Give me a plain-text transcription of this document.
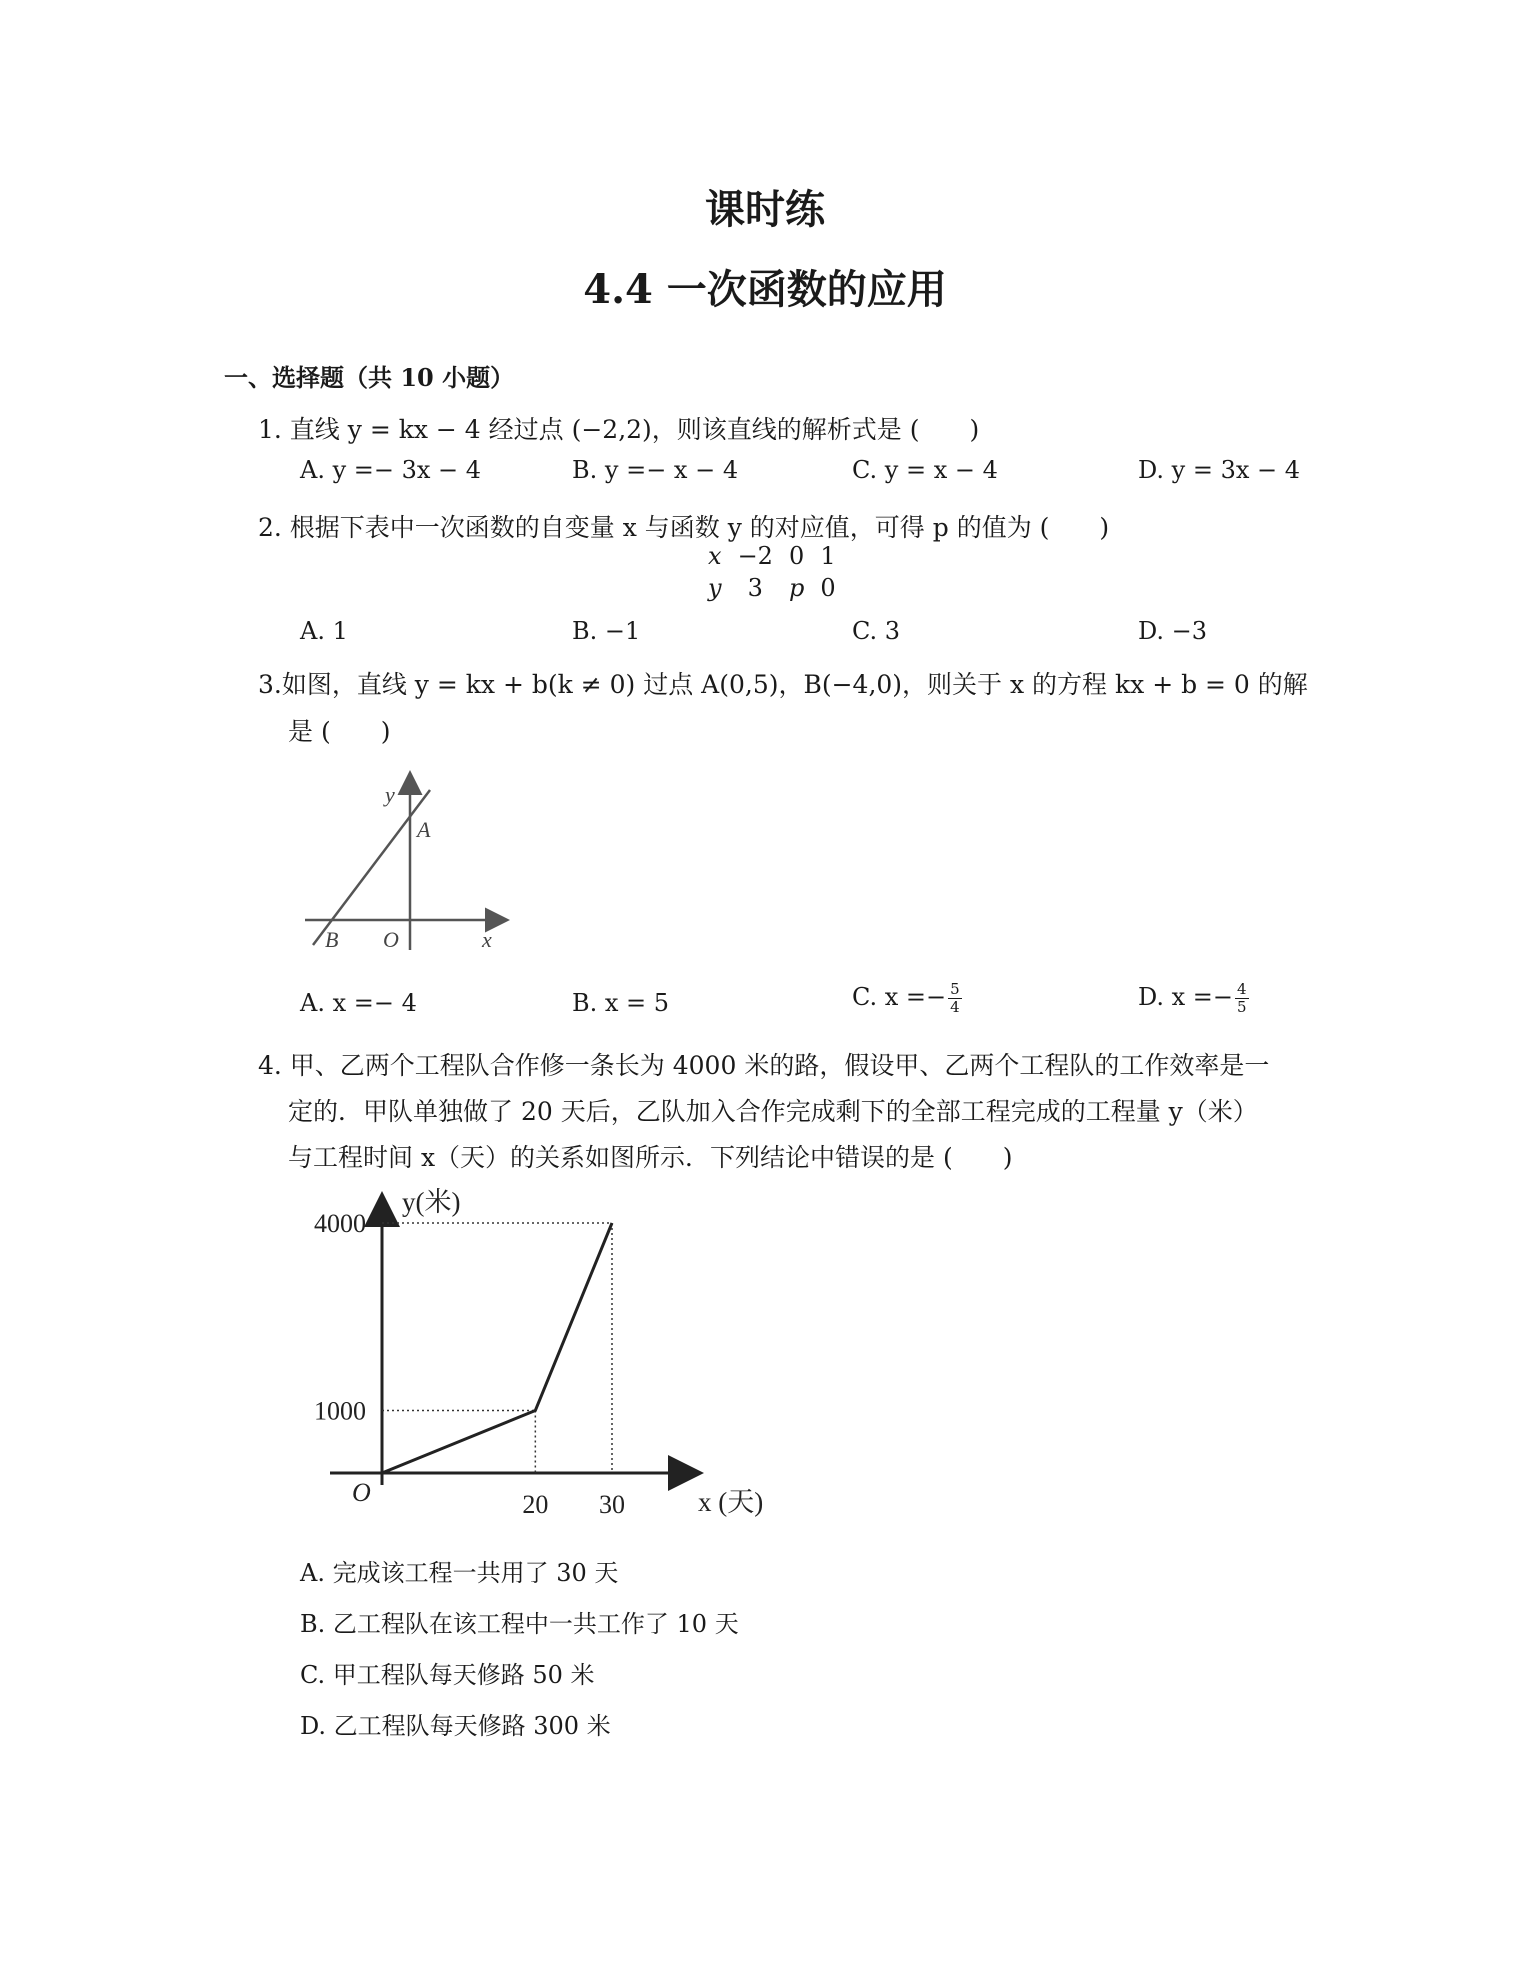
课时练
4.4 一次函数的应用
一、选择题（共 10 小题）
1. 直线 y = kx − 4 经过点 (−2,2)，则该直线的解析式是 (　　)
A. y =− 3x − 4	B. y =− x − 4	C. y = x − 4	D. y = 3x − 4
2. 根据下表中一次函数的自变量 x 与函数 y 的对应值，可得 p 的值为 (　　)
x	−2	0	1
y	3	p	0
A. 1	B. −1	C. 3	D. −3
3.如图，直线 y = kx + b(k ≠ 0) 过点 A(0,5)，B(−4,0)，则关于 x 的方程 kx + b = 0 的解
是 (　　)
y
A
B O	x
A. x =− 4	B. x = 5	C. $x =- \frac{5}{4}$	D. $x =- \frac{4}{5}$
4. 甲、乙两个工程队合作修一条长为 4000 米的路，假设甲、乙两个工程队的工作效率是一
定的．甲队单独做了 20 天后，乙队加入合作完成剩下的全部工程完成的工程量 y（米）
与工程时间 x（天）的关系如图所示．下列结论中错误的是 (　　)
20 30
1000
4000
y(米)
x (天)
O
A. 完成该工程一共用了 30 天
B. 乙工程队在该工程中一共工作了 10 天
C. 甲工程队每天修路 50 米
D. 乙工程队每天修路 300 米
